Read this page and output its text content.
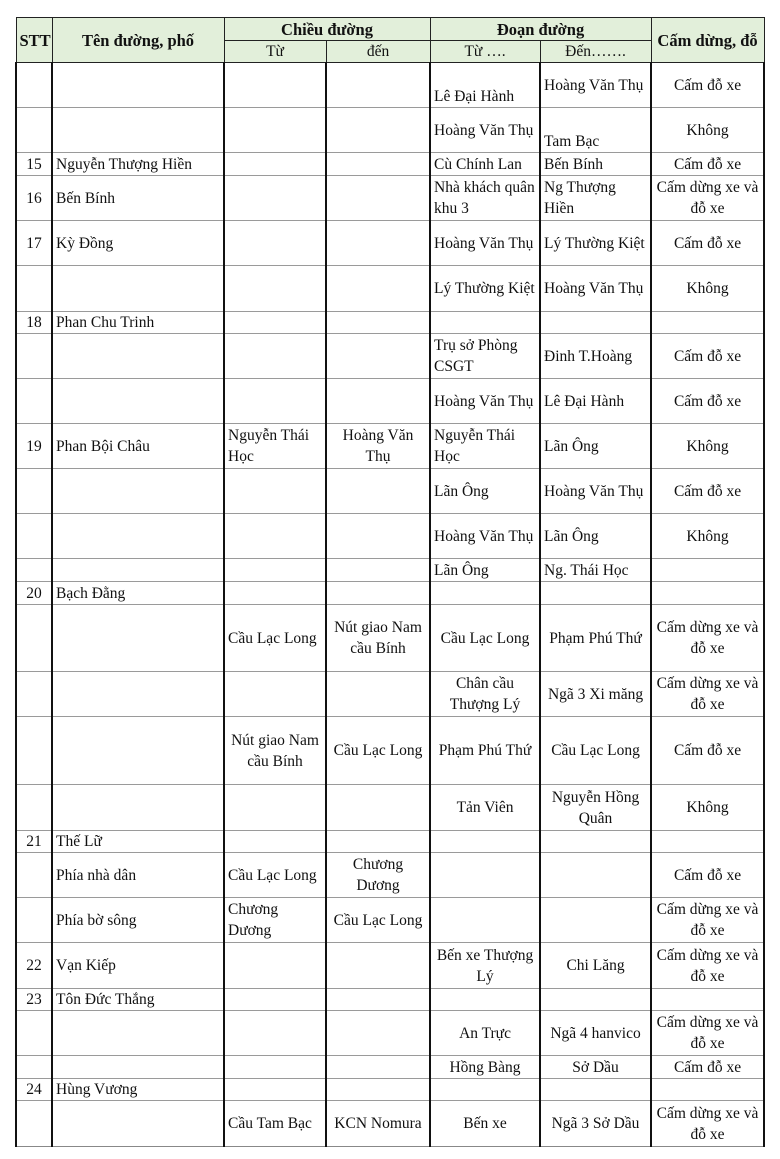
STT	Tên đường, phố	Chiều đường		Đoạn đường		Cấm dừng, đỗ
		Từ	đến	Từ ….	Đến…….	
				Lê Đại Hành	Hoàng Văn Thụ	Cấm đỗ xe
				Hoàng Văn Thụ	Tam Bạc	Không
15	Nguyễn Thượng Hiền			Cù Chính Lan	Bến Bính	Cấm đỗ xe
16	Bến Bính			Nhà khách quân khu 3	Ng Thượng Hiền	Cấm dừng xe và đỗ xe
17	Kỳ Đồng			Hoàng Văn Thụ	Lý Thường Kiệt	Cấm đỗ xe
				Lý Thường Kiệt	Hoàng Văn Thụ	Không
18	Phan Chu Trinh					
				Trụ sở Phòng CSGT	Đinh T.Hoàng	Cấm đỗ xe
				Hoàng Văn Thụ	Lê Đại Hành	Cấm đỗ xe
19	Phan Bội Châu	Nguyễn Thái Học	Hoàng Văn Thụ	Nguyễn Thái Học	Lãn Ông	Không
				Lãn Ông	Hoàng Văn Thụ	Cấm đỗ xe
				Hoàng Văn Thụ	Lãn Ông	Không
				Lãn Ông	Ng. Thái Học	
20	Bạch Đằng					
		Cầu Lạc Long	Nút giao Nam cầu Bính	Cầu Lạc Long	Phạm Phú Thứ	Cấm dừng xe và đỗ xe
				Chân cầu Thượng Lý	Ngã 3 Xi măng	Cấm dừng xe và đỗ xe
		Nút giao Nam cầu Bính	Cầu Lạc Long	Phạm Phú Thứ	Cầu Lạc Long	Cấm đỗ xe
				Tản Viên	Nguyễn Hồng Quân	Không
21	Thế Lữ					
	Phía nhà dân	Cầu Lạc Long	Chương Dương			Cấm đỗ xe
	Phía bờ sông	Chương Dương	Cầu Lạc Long			Cấm dừng xe và đỗ xe
22	Vạn Kiếp			Bến xe Thượng Lý	Chi Lăng	Cấm dừng xe và đỗ xe
23	Tôn Đức Thắng					
				An Trực	Ngã 4 hanvico	Cấm dừng xe và đỗ xe
				Hồng Bàng	Sở Dầu	Cấm đỗ xe
24	Hùng Vương					
		Cầu Tam Bạc	KCN Nomura	Bến xe	Ngã 3 Sở Dầu	Cấm dừng xe và đỗ xe
